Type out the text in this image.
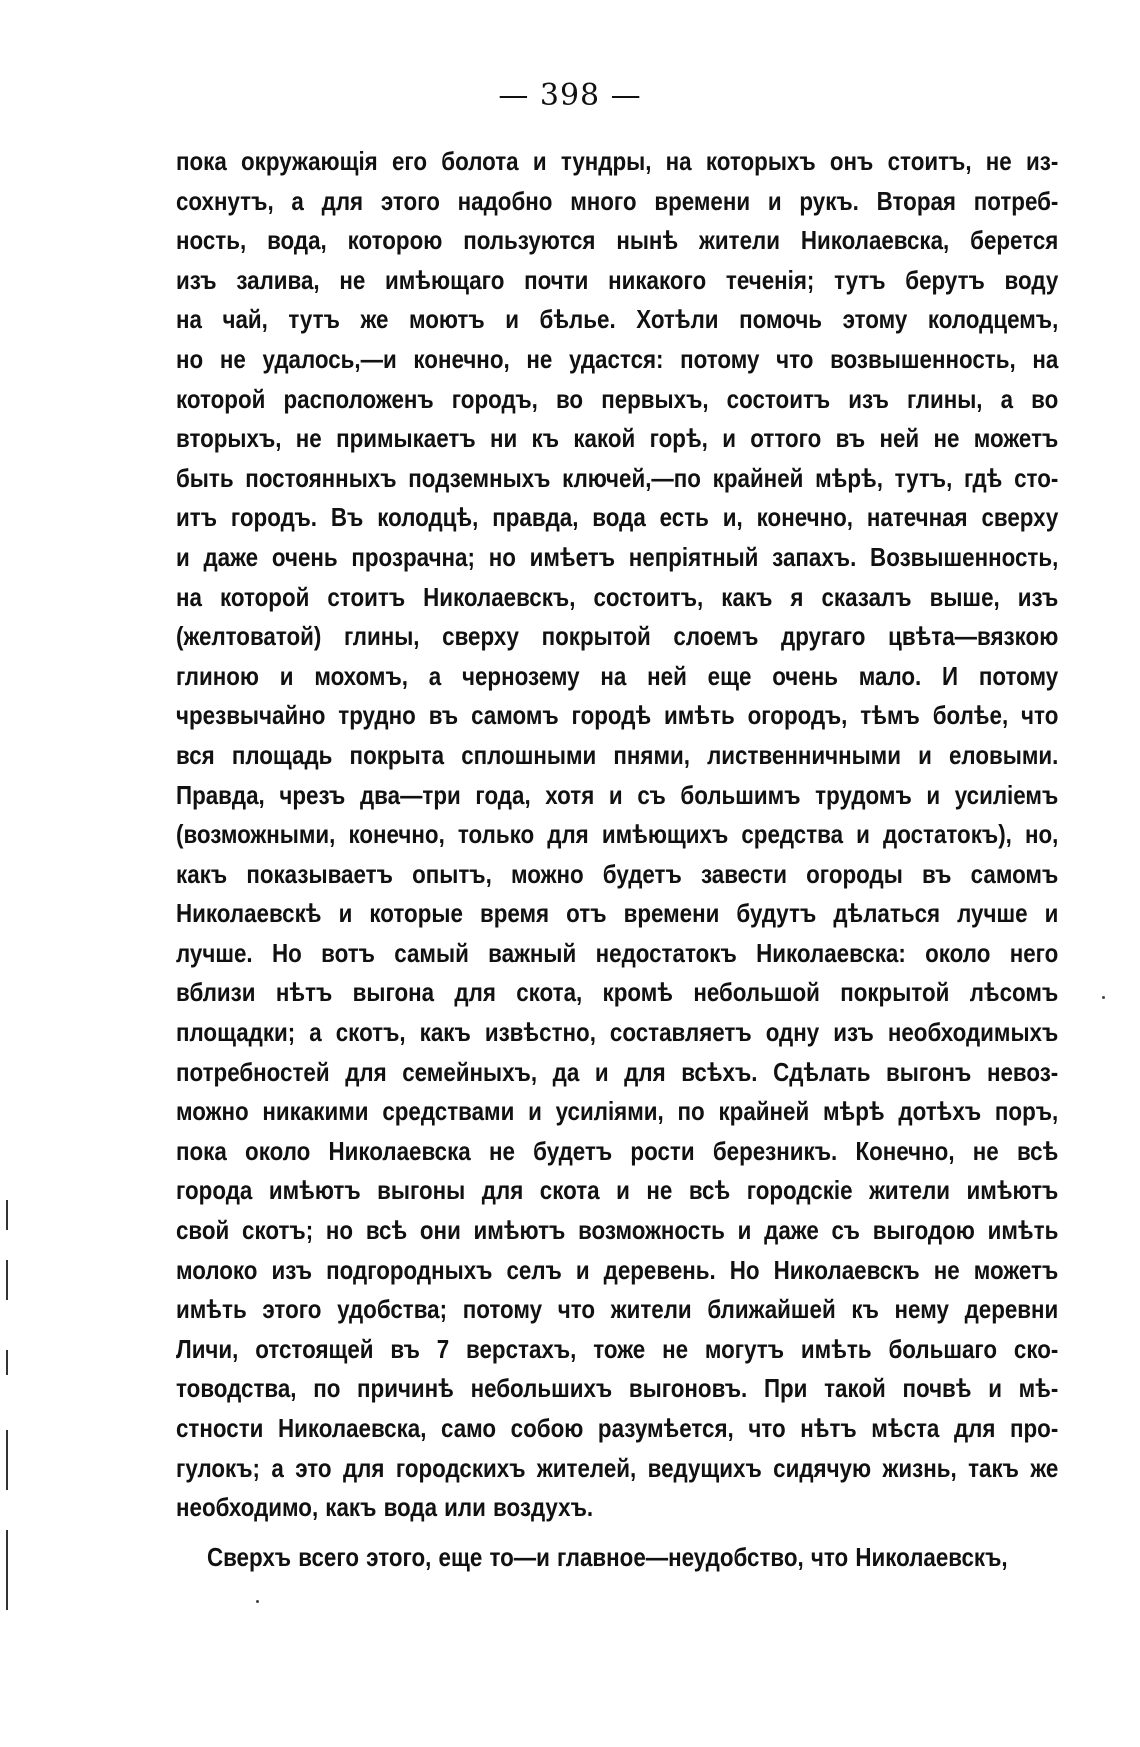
— 398 —
пока окружающія его болота и тундры, на которыхъ онъ стоитъ, не из-
сохнутъ, а для этого надобно много времени и рукъ. Вторая потреб-
ность, вода, которою пользуются нынѣ жители Николаевска, берется
изъ залива, не имѣющаго почти никакого теченія; тутъ берутъ воду
на чай, тутъ же моютъ и бѣлье. Хотѣли помочь этому колодцемъ,
но не удалось,—и конечно, не удастся: потому что возвышенность, на
которой расположенъ городъ, во первыхъ, состоитъ изъ глины, а во
вторыхъ, не примыкаетъ ни къ какой горѣ, и оттого въ ней не можетъ
быть постоянныхъ подземныхъ ключей,—по крайней мѣрѣ, тутъ, гдѣ сто-
итъ городъ. Въ колодцѣ, правда, вода есть и, конечно, натечная сверху
и даже очень прозрачна; но имѣетъ непріятный запахъ. Возвышенность,
на которой стоитъ Николаевскъ, состоитъ, какъ я сказалъ выше, изъ
(желтоватой) глины, сверху покрытой слоемъ другаго цвѣта—вязкою
глиною и мохомъ, а чернозему на ней еще очень мало. И потому
чрезвычайно трудно въ самомъ городѣ имѣть огородъ, тѣмъ болѣе, что
вся площадь покрыта сплошными пнями, лиственничными и еловыми.
Правда, чрезъ два—три года, хотя и съ большимъ трудомъ и усиліемъ
(возможными, конечно, только для имѣющихъ средства и достатокъ), но,
какъ показываетъ опытъ, можно будетъ завести огороды въ самомъ
Николаевскѣ и которые время отъ времени будутъ дѣлаться лучше и
лучше. Но вотъ самый важный недостатокъ Николаевска: около него
вблизи нѣтъ выгона для скота, кромѣ небольшой покрытой лѣсомъ
площадки; а скотъ, какъ извѣстно, составляетъ одну изъ необходимыхъ
потребностей для семейныхъ, да и для всѣхъ. Сдѣлать выгонъ невоз-
можно никакими средствами и усиліями, по крайней мѣрѣ дотѣхъ поръ,
пока около Николаевска не будетъ рости березникъ. Конечно, не всѣ
города имѣютъ выгоны для скота и не всѣ городскіе жители имѣютъ
свой скотъ; но всѣ они имѣютъ возможность и даже съ выгодою имѣть
молоко изъ подгородныхъ селъ и деревень. Но Николаевскъ не можетъ
имѣть этого удобства; потому что жители ближайшей къ нему деревни
Личи, отстоящей въ 7 верстахъ, тоже не могутъ имѣть большаго ско-
товодства, по причинѣ небольшихъ выгоновъ. При такой почвѣ и мѣ-
стности Николаевска, само собою разумѣется, что нѣтъ мѣста для про-
гулокъ; а это для городскихъ жителей, ведущихъ сидячую жизнь, такъ же
необходимо, какъ вода или воздухъ.
Сверхъ всего этого, еще то—и главное—неудобство, что Николаевскъ,
